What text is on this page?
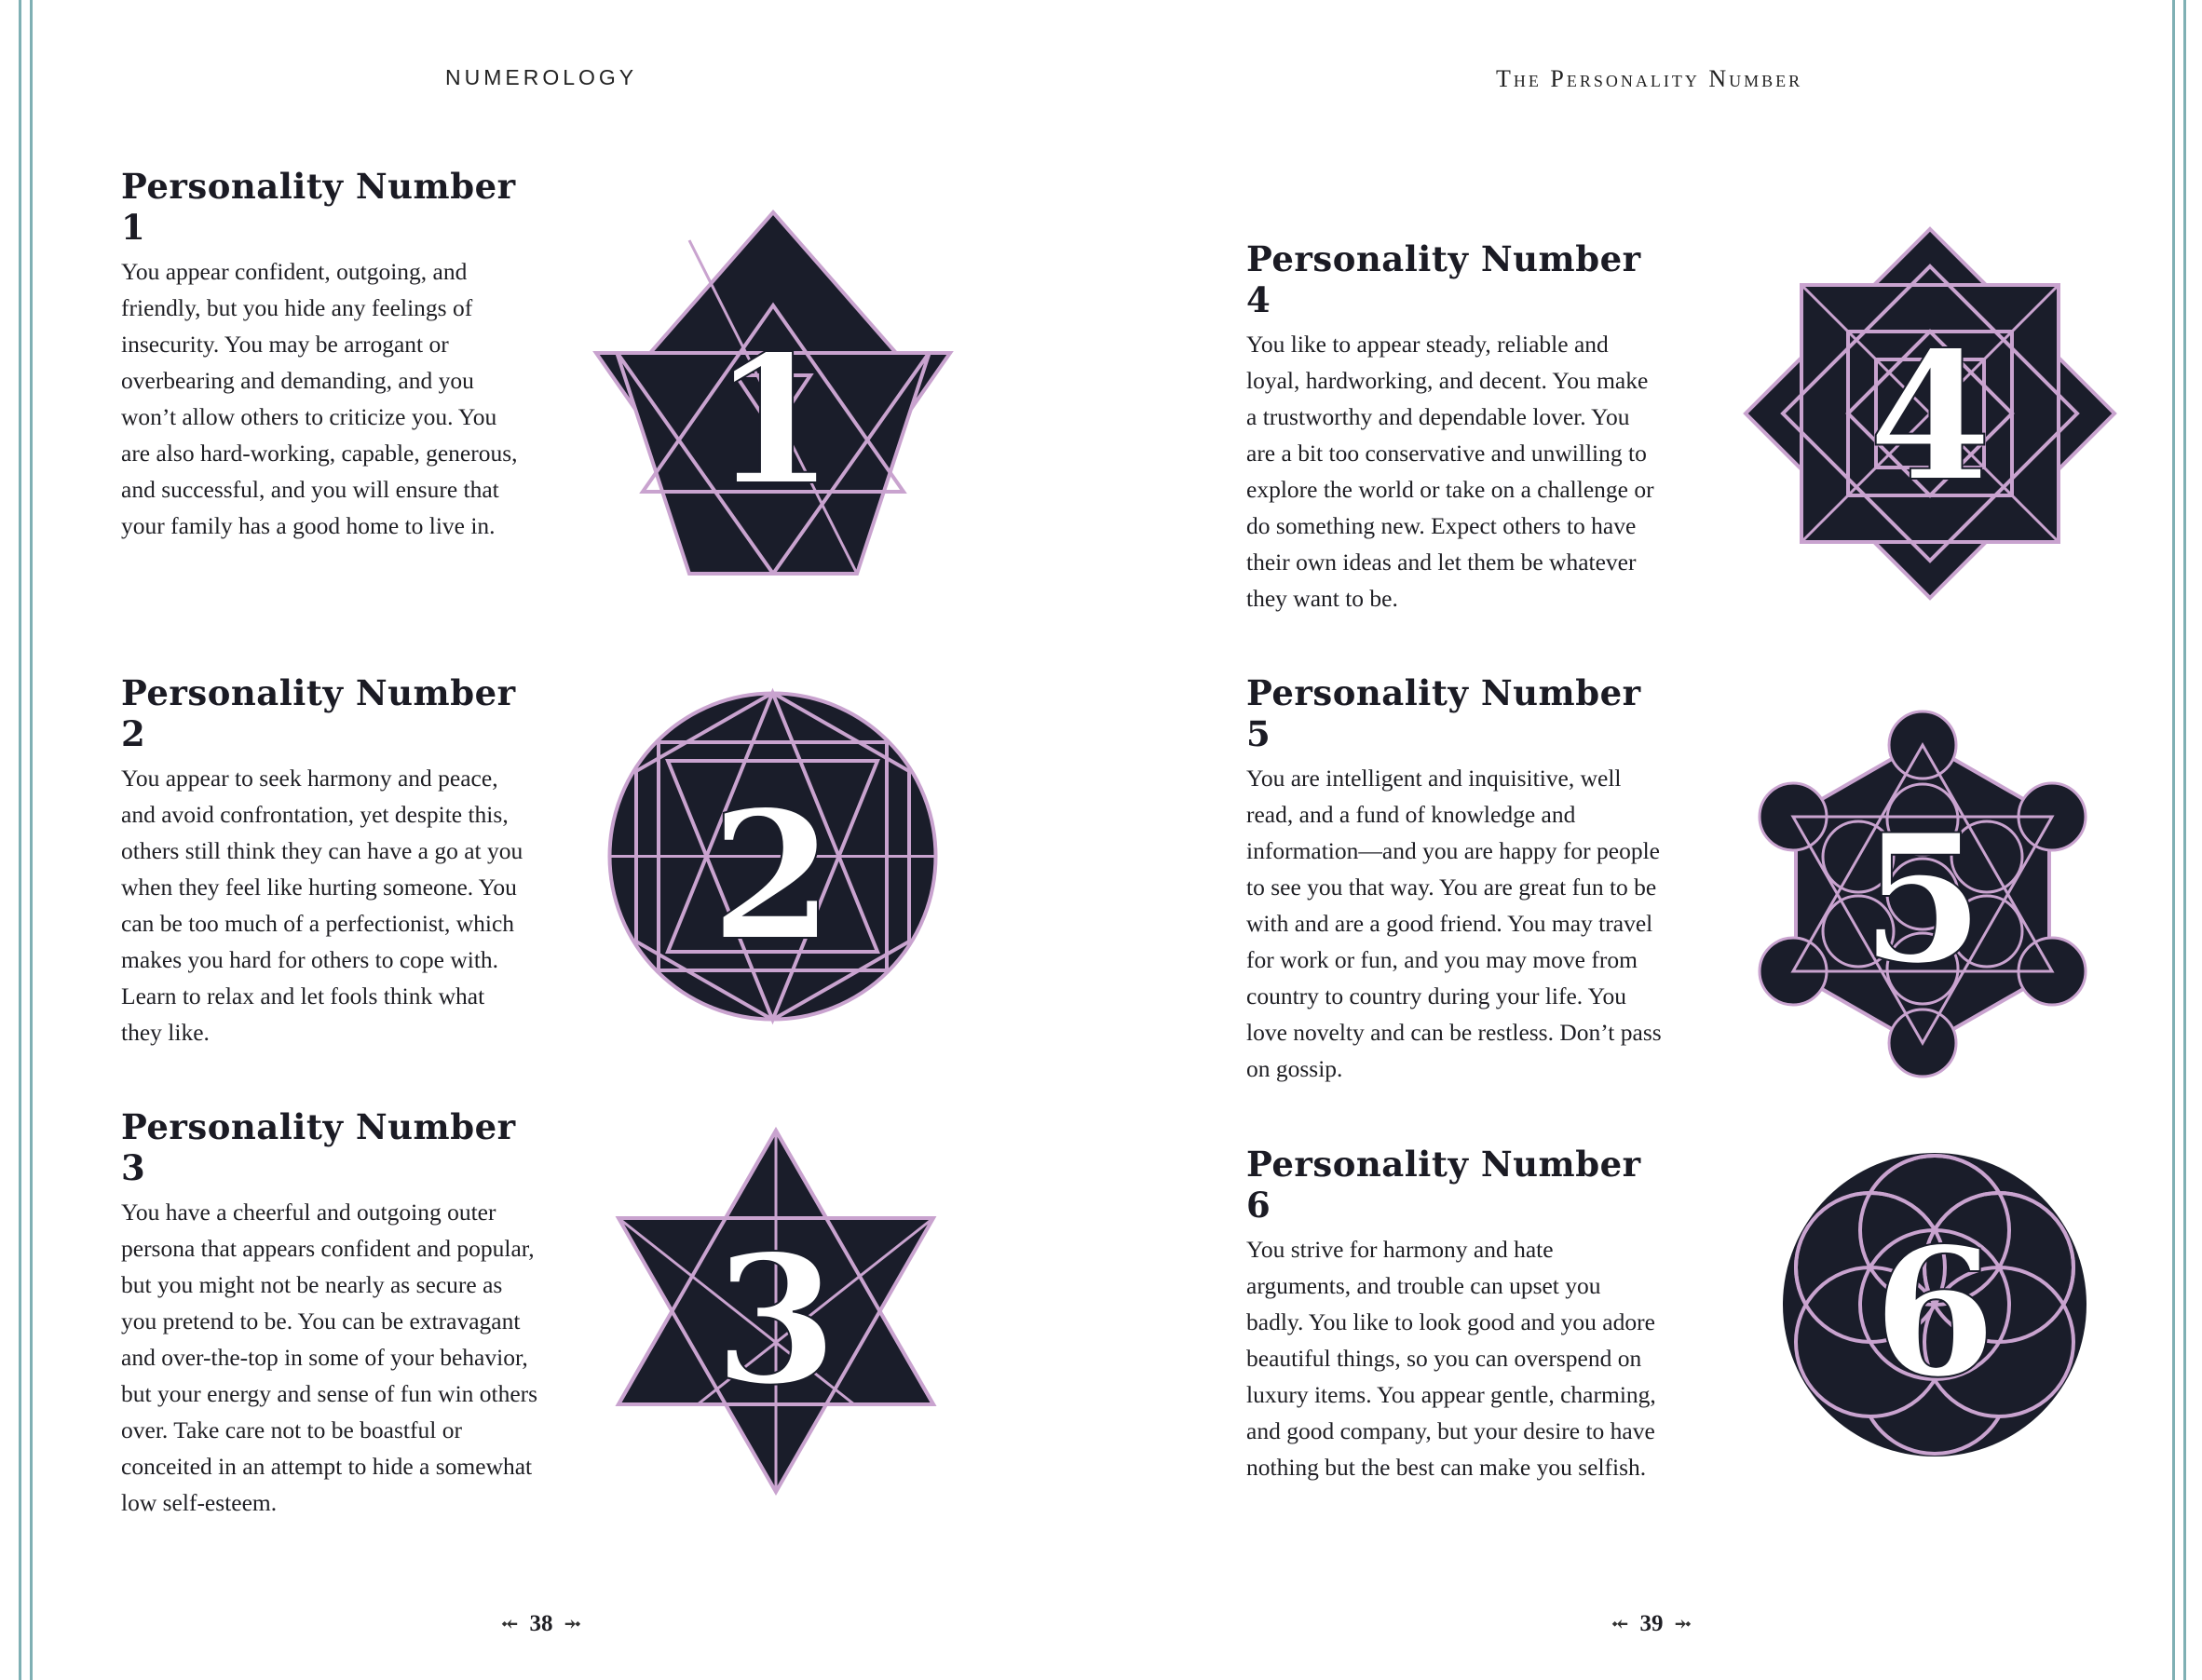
NUMEROLOGY	The Personality Number
Personality Number 1

You appear confident, outgoing, and friendly, but you hide any feelings of insecurity. You may be arrogant or overbearing and demanding, and you won’t allow others to criticize you. You are also hard-working, capable, generous, and successful, and you will ensure that your family has a good home to live in.

1
Personality Number 2

You appear to seek harmony and peace, and avoid confrontation, yet despite this, others still think they can have a go at you when they feel like hurting someone. You can be too much of a perfectionist, which makes you hard for others to cope with. Learn to relax and let fools think what they like.

2
Personality Number 3

You have a cheerful and outgoing outer persona that appears confident and popular, but you might not be nearly as secure as you pretend to be. You can be extravagant and over-the-top in some of your behavior, but your energy and sense of fun win others over. Take care not to be boastful or conceited in an attempt to hide a somewhat low self-esteem.

3
Personality Number 4

You like to appear steady, reliable and loyal, hardworking, and decent. You make a trustworthy and dependable lover. You are a bit too conservative and unwilling to explore the world or take on a challenge or do something new. Expect others to have their own ideas and let them be whatever they want to be.

4
Personality Number 5

You are intelligent and inquisitive, well read, and a fund of knowledge and information—and you are happy for people to see you that way. You are great fun to be with and are a good friend. You may travel for work or fun, and you may move from country to country during your life. You love novelty and can be restless. Don’t pass on gossip.

5
Personality Number 6

You strive for harmony and hate arguments, and trouble can upset you badly. You like to look good and you adore beautiful things, so you can overspend on luxury items. You appear gentle, charming, and good company, but your desire to have nothing but the best can make you selfish.

6
⤝ 38 ⤞	⤝ 39 ⤞
